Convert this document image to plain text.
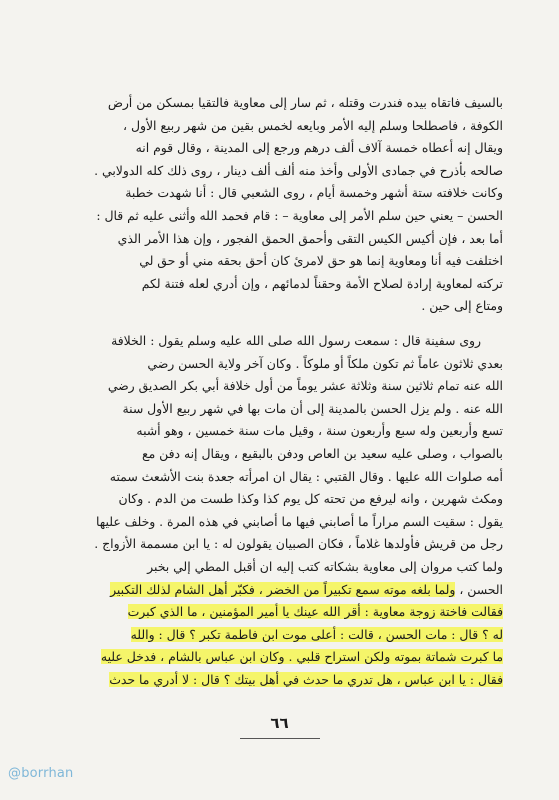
بالسيف فاتقاه بيده فندرت وقتله ، ثم سار إلى معاوية فالتقيا بمسكن من أرض
الكوفة ، فاصطلحا وسلم إليه الأمر وبايعه لخمس بقين من شهر ربيع الأول ،
ويقال إنه أعطاه خمسة آلاف ألف درهم ورجع إلى المدينة ، وقال قوم انه
صالحه بأذرح في جمادى الأولى وأخذ منه ألف ألف دينار ، روى ذلك كله الدولابي .
وكانت خلافته ستة أشهر وخمسة أيام ، روى الشعبي قال : أنا شهدت خطبة
الحسن – يعني حين سلم الأمر إلى معاوية – : قام فحمد الله وأثنى عليه ثم قال :
أما بعد ، فإن أكيس الكيس التقى وأحمق الحمق الفجور ، وإن هذا الأمر الذي
اختلفت فيه أنا ومعاوية إنما هو حق لامرئ كان أحق بحقه مني أو حق لي
تركته لمعاوية إرادة لصلاح الأمة وحقناً لدمائهم ، وإن أدري لعله فتنة لكم
ومتاع إلى حين .
روى سفينة قال : سمعت رسول الله صلى الله عليه وسلم يقول : الخلافة
بعدي ثلاثون عاماً ثم تكون ملكاً أو ملوكاً . وكان آخر ولاية الحسن رضي
الله عنه تمام ثلاثين سنة وثلاثة عشر يوماً من أول خلافة أبي بكر الصديق رضي
الله عنه . ولم يزل الحسن بالمدينة إلى أن مات بها في شهر ربيع الأول سنة
تسع وأربعين وله سبع وأربعون سنة ، وقيل مات سنة خمسين ، وهو أشبه
بالصواب ، وصلى عليه سعيد بن العاص ودفن بالبقيع ، ويقال إنه دفن مع
أمه صلوات الله عليها . وقال القتبي : يقال ان امرأته جعدة بنت الأشعث سمته
ومكث شهرين ، وانه ليرفع من تحته كل يوم كذا وكذا طست من الدم . وكان
يقول : سقيت السم مراراً ما أصابني فيها ما أصابني في هذه المرة . وخلف عليها
رجل من قريش فأولدها غلاماً ، فكان الصبيان يقولون له : يا ابن مسممة الأزواج .
ولما كتب مروان إلى معاوية بشكاته كتب إليه ان أقبل المطي إلي بخبر
الحسن ، ولما بلغه موته سمع تكبيراً من الخضر ، فكبّر أهل الشام لذلك التكبير
فقالت فاختة زوجة معاوية : أقر الله عينك يا أمير المؤمنين ، ما الذي كبرت
له ؟ قال : مات الحسن ، قالت : أعلى موت ابن فاطمة تكبر ؟ قال : والله
ما كبرت شماتة بموته ولكن استراح قلبي . وكان ابن عباس بالشام ، فدخل عليه
فقال : يا ابن عباس ، هل تدري ما حدث في أهل بيتك ؟ قال : لا أدري ما حدث
٦٦
@borrhan
